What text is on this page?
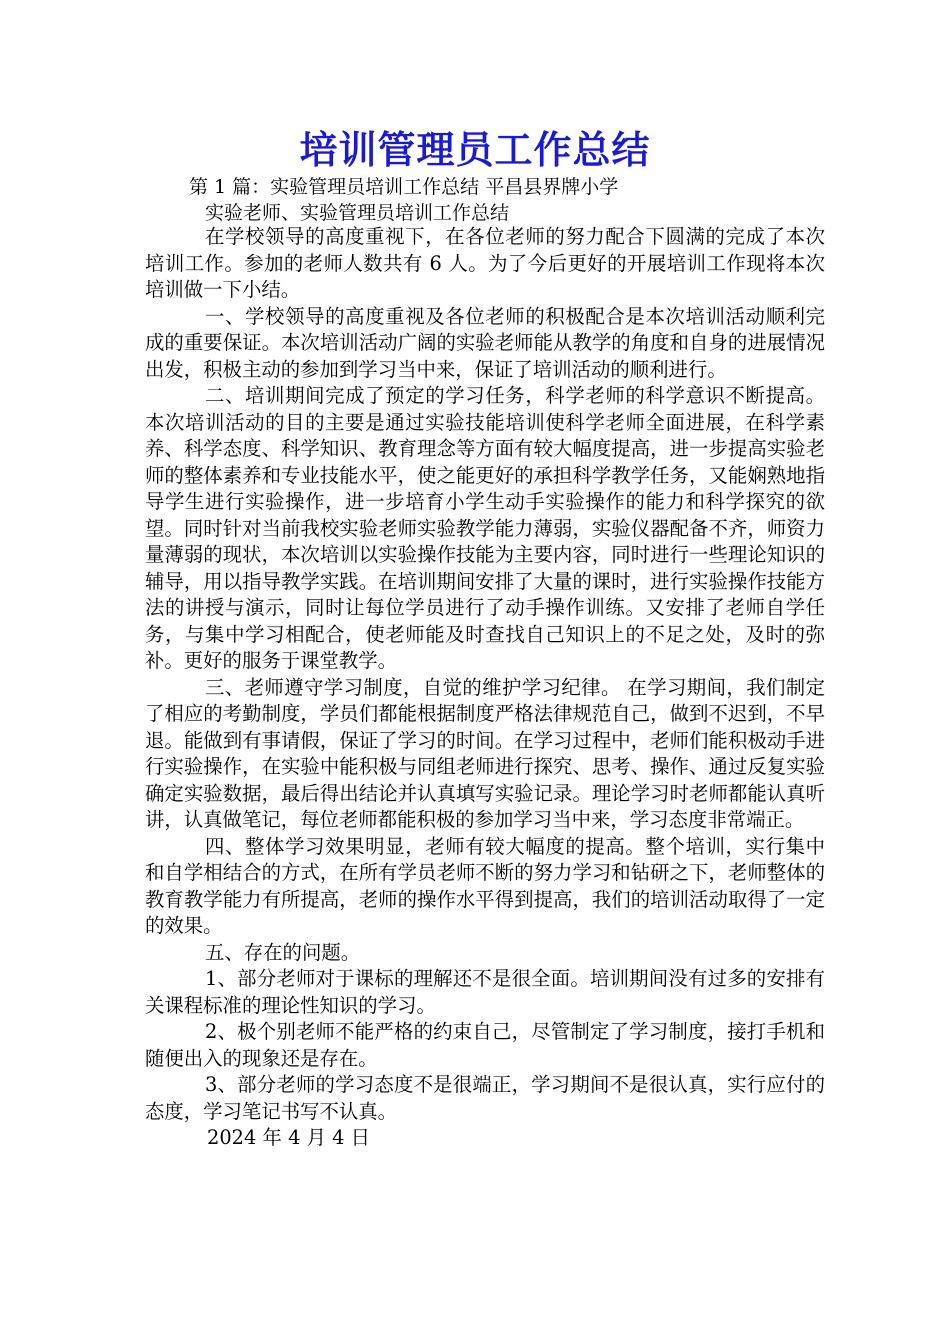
培训管理员工作总结
第 1 篇：实验管理员培训工作总结 平昌县界牌小学
实验老师、实验管理员培训工作总结

在学校领导的高度重视下，在各位老师的努力配合下圆满的完成了本次培训工作。参加的老师人数共有 6 人。为了今后更好的开展培训工作现将本次培训做一下小结。

一、学校领导的高度重视及各位老师的积极配合是本次培训活动顺利完成的重要保证。本次培训活动广阔的实验老师能从教学的角度和自身的进展情况出发，积极主动的参加到学习当中来，保证了培训活动的顺利进行。

二、培训期间完成了预定的学习任务，科学老师的科学意识不断提高。本次培训活动的目的主要是通过实验技能培训使科学老师全面进展，在科学素养、科学态度、科学知识、教育理念等方面有较大幅度提高，进一步提高实验老师的整体素养和专业技能水平，使之能更好的承担科学教学任务，又能娴熟地指导学生进行实验操作，进一步培育小学生动手实验操作的能力和科学探究的欲望。同时针对当前我校实验老师实验教学能力薄弱，实验仪器配备不齐，师资力量薄弱的现状，本次培训以实验操作技能为主要内容，同时进行一些理论知识的辅导，用以指导教学实践。在培训期间安排了大量的课时，进行实验操作技能方法的讲授与演示，同时让每位学员进行了动手操作训练。又安排了老师自学任务，与集中学习相配合，使老师能及时查找自己知识上的不足之处，及时的弥补。更好的服务于课堂教学。

三、老师遵守学习制度，自觉的维护学习纪律。 在学习期间，我们制定了相应的考勤制度，学员们都能根据制度严格法律规范自己，做到不迟到，不早退。能做到有事请假，保证了学习的时间。在学习过程中，老师们能积极动手进行实验操作，在实验中能积极与同组老师进行探究、思考、操作、通过反复实验确定实验数据，最后得出结论并认真填写实验记录。理论学习时老师都能认真听讲，认真做笔记，每位老师都能积极的参加学习当中来，学习态度非常端正。

四、整体学习效果明显，老师有较大幅度的提高。整个培训，实行集中和自学相结合的方式，在所有学员老师不断的努力学习和钻研之下，老师整体的教育教学能力有所提高，老师的操作水平得到提高，我们的培训活动取得了一定的效果。

五、存在的问题。

1、部分老师对于课标的理解还不是很全面。培训期间没有过多的安排有关课程标准的理论性知识的学习。

2、极个别老师不能严格的约束自己，尽管制定了学习制度，接打手机和随便出入的现象还是存在。

3、部分老师的学习态度不是很端正，学习期间不是很认真，实行应付的态度，学习笔记书写不认真。

2024 年 4 月 4 日
